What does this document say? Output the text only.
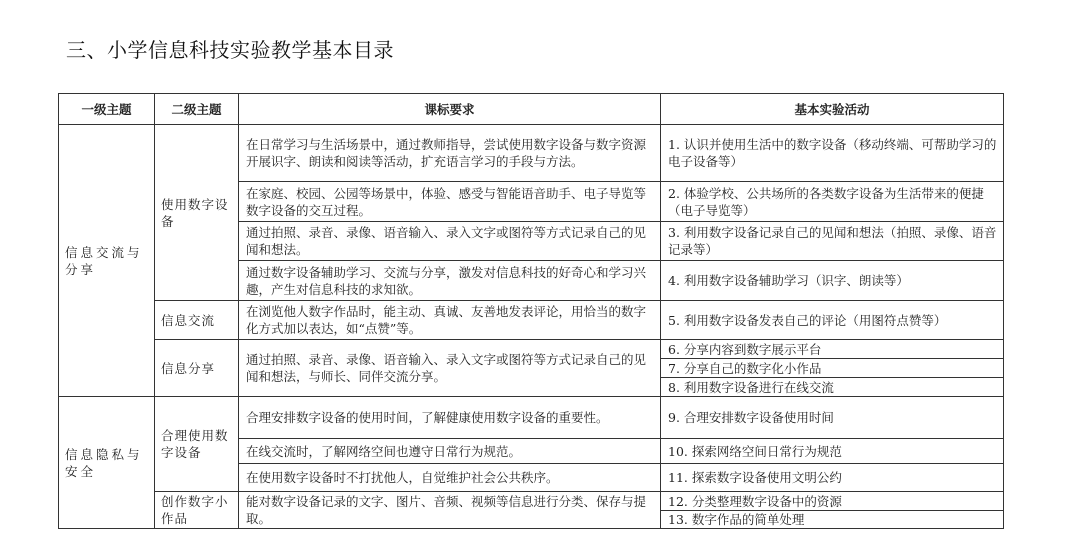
三、小学信息科技实验教学基本目录
一级主题	二级主题	课标要求	基本实验活动
信息交流与分享	使用数字设备	在日常学习与生活场景中，通过教师指导，尝试使用数字设备与数字资源开展识字、朗读和阅读等活动，扩充语言学习的手段与方法。	1. 认识并使用生活中的数字设备（移动终端、可帮助学习的电子设备等）
		在家庭、校园、公园等场景中，体验、感受与智能语音助手、电子导览等数字设备的交互过程。	2. 体验学校、公共场所的各类数字设备为生活带来的便捷（电子导览等）
		通过拍照、录音、录像、语音输入、录入文字或图符等方式记录自己的见闻和想法。	3. 利用数字设备记录自己的见闻和想法（拍照、录像、语音记录等）
		通过数字设备辅助学习、交流与分享，激发对信息科技的好奇心和学习兴趣，产生对信息科技的求知欲。	4. 利用数字设备辅助学习（识字、朗读等）
	信息交流	在浏览他人数字作品时，能主动、真诚、友善地发表评论，用恰当的数字化方式加以表达，如“点赞”等。	5. 利用数字设备发表自己的评论（用图符点赞等）
	信息分享	通过拍照、录音、录像、语音输入、录入文字或图符等方式记录自己的见闻和想法，与师长、同伴交流分享。	6. 分享内容到数字展示平台
			7. 分享自己的数字化小作品
			8. 利用数字设备进行在线交流
信息隐私与安全	合理使用数字设备	合理安排数字设备的使用时间，了解健康使用数字设备的重要性。	9. 合理安排数字设备使用时间
		在线交流时，了解网络空间也遵守日常行为规范。	10. 探索网络空间日常行为规范
		在使用数字设备时不打扰他人，自觉维护社会公共秩序。	11. 探索数字设备使用文明公约
	创作数字小作品	能对数字设备记录的文字、图片、音频、视频等信息进行分类、保存与提取。	12. 分类整理数字设备中的资源
			13. 数字作品的简单处理
